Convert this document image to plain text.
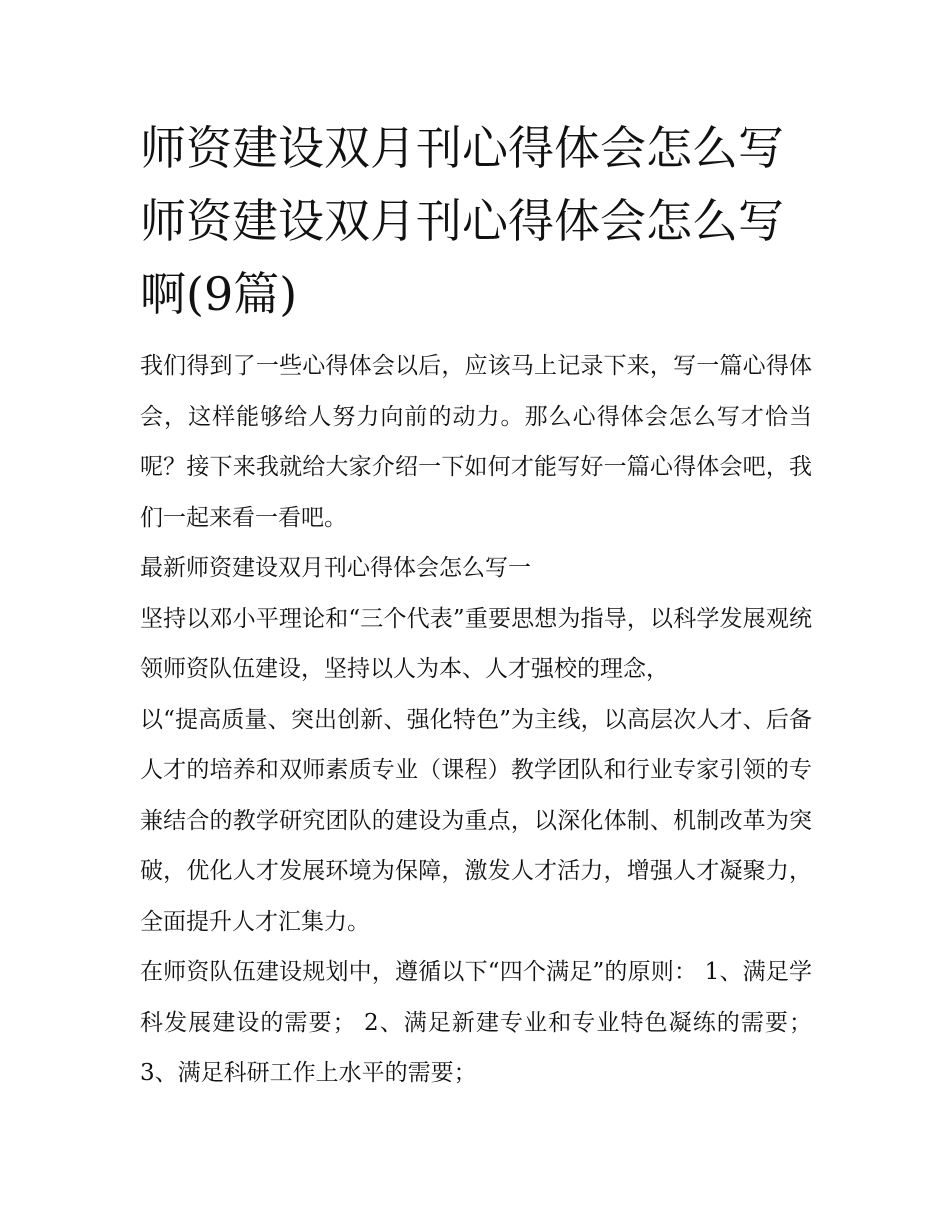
师资建设双月刊心得体会怎么写 师资建设双月刊心得体会怎么写啊(9篇)

我们得到了一些心得体会以后，应该马上记录下来，写一篇心得体会，这样能够给人努力向前的动力。那么心得体会怎么写才恰当呢？接下来我就给大家介绍一下如何才能写好一篇心得体会吧，我们一起来看一看吧。

最新师资建设双月刊心得体会怎么写一

坚持以邓小平理论和“三个代表”重要思想为指导，以科学发展观统领师资队伍建设，坚持以人为本、人才强校的理念，

以“提高质量、突出创新、强化特色”为主线，以高层次人才、后备人才的培养和双师素质专业（课程）教学团队和行业专家引领的专兼结合的教学研究团队的建设为重点，以深化体制、机制改革为突破，优化人才发展环境为保障，激发人才活力，增强人才凝聚力，全面提升人才汇集力。

在师资队伍建设规划中，遵循以下“四个满足”的原则： 1、满足学科发展建设的需要； 2、满足新建专业和专业特色凝练的需要； 3、满足科研工作上水平的需要；
